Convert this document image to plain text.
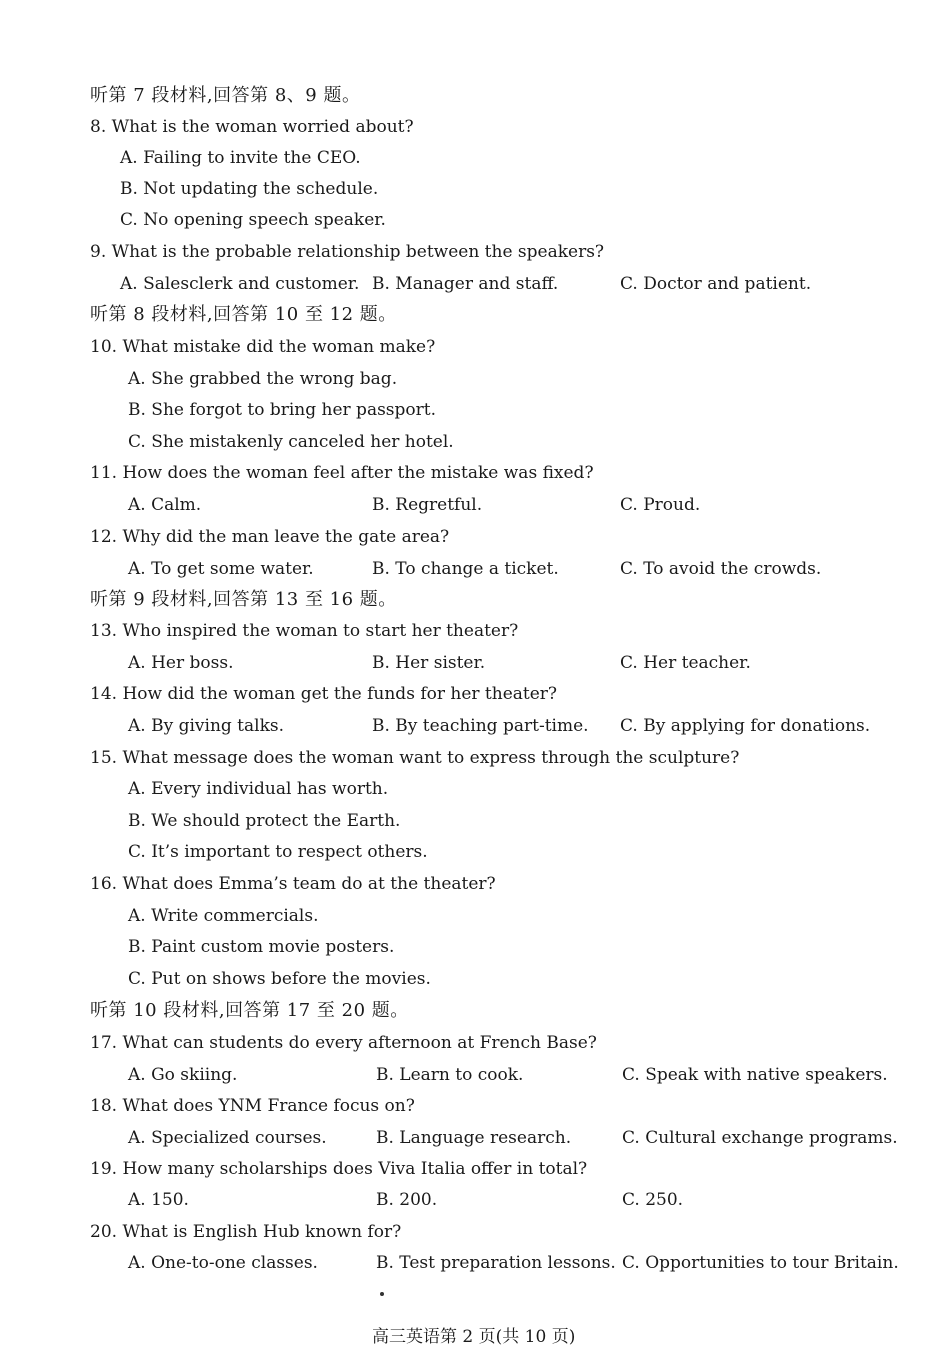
听第 7 段材料,回答第 8、9 题。
8. What is the woman worried about?
A. Failing to invite the CEO.
B. Not updating the schedule.
C. No opening speech speaker.
9. What is the probable relationship between the speakers?
A. Salesclerk and customer. B. Manager and staff.	C. Doctor and patient.
听第 8 段材料,回答第 10 至 12 题。
10. What mistake did the woman make?
A. She grabbed the wrong bag.
B. She forgot to bring her passport.
C. She mistakenly canceled her hotel.
11. How does the woman feel after the mistake was fixed?
A. Calm.	B. Regretful.	C. Proud.
12. Why did the man leave the gate area?
A. To get some water.	B. To change a ticket.	C. To avoid the crowds.
听第 9 段材料,回答第 13 至 16 题。
13. Who inspired the woman to start her theater?
A. Her boss.	B. Her sister.	C. Her teacher.
14. How did the woman get the funds for her theater?
A. By giving talks.	B. By teaching part-time. C. By applying for donations.
15. What message does the woman want to express through the sculpture?
A. Every individual has worth.
B. We should protect the Earth.
C. It’s important to respect others.
16. What does Emma’s team do at the theater?
A. Write commercials.
B. Paint custom movie posters.
C. Put on shows before the movies.
听第 10 段材料,回答第 17 至 20 题。
17. What can students do every afternoon at French Base?
A. Go skiing.	B. Learn to cook.	C. Speak with native speakers.
18. What does YNM France focus on?
A. Specialized courses.	B. Language research.	C. Cultural exchange programs.
19. How many scholarships does Viva Italia offer in total?
A. 150.	B. 200.	C. 250.
20. What is English Hub known for?
A. One-to-one classes.	B. Test preparation lessons. C. Opportunities to tour Britain.
高三英语第 2 页(共 10 页)
